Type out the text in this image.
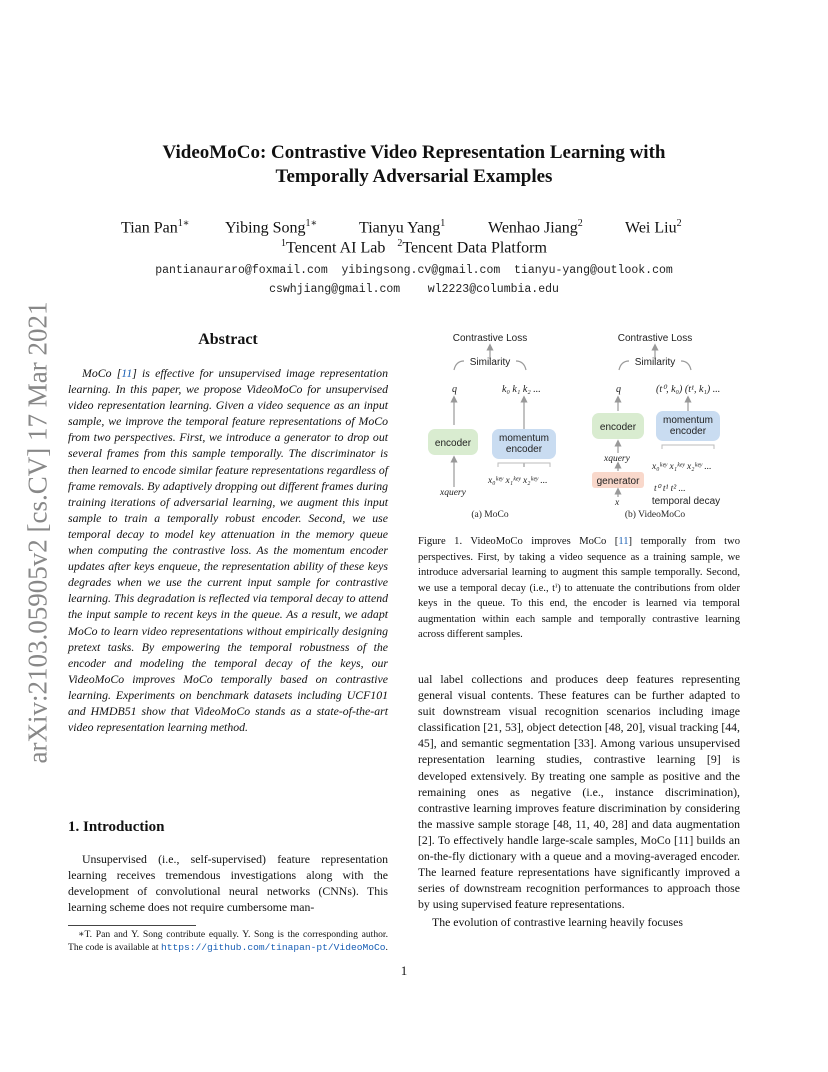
arXiv:2103.05905v2 [cs.CV] 17 Mar 2021
VideoMoCo: Contrastive Video Representation Learning with
Temporally Adversarial Examples
Tian Pan$^{1∗}$ Yibing Song$^{1∗}$	Tianyu Yang$^1$	Wenhao Jiang$^2$	Wei Liu$^2$
$^1$Tencent AI Lab $^2$Tencent Data Platform
pantianauraro@foxmail.com  yibingsong.cv@gmail.com  tianyu-yang@outlook.com
cswhjiang@gmail.com    wl2223@columbia.edu
Abstract
MoCo [11] is effective for unsupervised image representation learning. In this paper, we propose VideoMoCo for unsupervised video representation learning. Given a video sequence as an input sample, we improve the temporal feature representations of MoCo from two perspectives. First, we introduce a generator to drop out several frames from this sample temporally. The discriminator is then learned to encode similar feature representations regardless of frame removals. By adaptively dropping out different frames during training iterations of adversarial learning, we augment this input sample to train a temporally robust encoder. Second, we use temporal decay to model key attenuation in the memory queue when computing the contrastive loss. As the momentum encoder updates after keys enqueue, the representation ability of these keys degrades when we use the current input sample for contrastive learning. This degradation is reflected via temporal decay to attend the input sample to recent keys in the queue. As a result, we adapt MoCo to learn video representations without empirically designing pretext tasks. By empowering the temporal robustness of the encoder and modeling the temporal decay of the keys, our VideoMoCo improves MoCo temporally based on contrastive learning. Experiments on benchmark datasets including UCF101 and HMDB51 show that VideoMoCo stands as a state-of-the-art video representation learning method.
1. Introduction
Unsupervised (i.e., self-supervised) feature representation learning receives tremendous investigations along with the development of convolutional neural networks (CNNs). This learning scheme does not require cumbersome man-
∗T. Pan and Y. Song contribute equally. Y. Song is the corresponding author. The code is available at https://github.com/tinapan-pt/VideoMoCo.
Contrastive Loss
Similarity
q	k₀ k₁ k₂ ...
encoder	momentum
encoder
x₀ᵏᵉʸ x₁ᵏᵉʸ x₂ᵏᵉʸ ...
xquery
(a) MoCo
Contrastive Loss
Similarity
q	(t⁰, k₀) (t¹, k₁) ...
encoder
momentum
encoder
xquery
generator
x
x₀ᵏᵉʸ x₁ᵏᵉʸ x₂ᵏᵉʸ ...
t⁰ t¹ t² ...
temporal decay
(b) VideoMoCo
Figure 1. VideoMoCo improves MoCo [11] temporally from two perspectives. First, by taking a video sequence as a training sample, we introduce adversarial learning to augment this sample temporally. Second, we use a temporal decay (i.e., tⁱ) to attenuate the contributions from older keys in the queue. To this end, the encoder is learned via temporal augmentation within each sample and temporally contrastive learning across different samples.

ual label collections and produces deep features representing general visual contents. These features can be further adapted to suit downstream visual recognition scenarios including image classification [21, 53], object detection [48, 20], visual tracking [44, 45], and semantic segmentation [33]. Among various unsupervised representation learning studies, contrastive learning [9] is developed extensively. By treating one sample as positive and the remaining ones as negative (i.e., instance discrimination), contrastive learning improves feature discrimination by considering the massive sample storage [48, 11, 40, 28] and data augmentation [2]. To effectively handle large-scale samples, MoCo [11] builds an on-the-fly dictionary with a queue and a moving-averaged encoder. The learned feature representations have significantly improved a series of downstream recognition performances to approach those by using supervised feature representations.

The evolution of contrastive learning heavily focuses

1
